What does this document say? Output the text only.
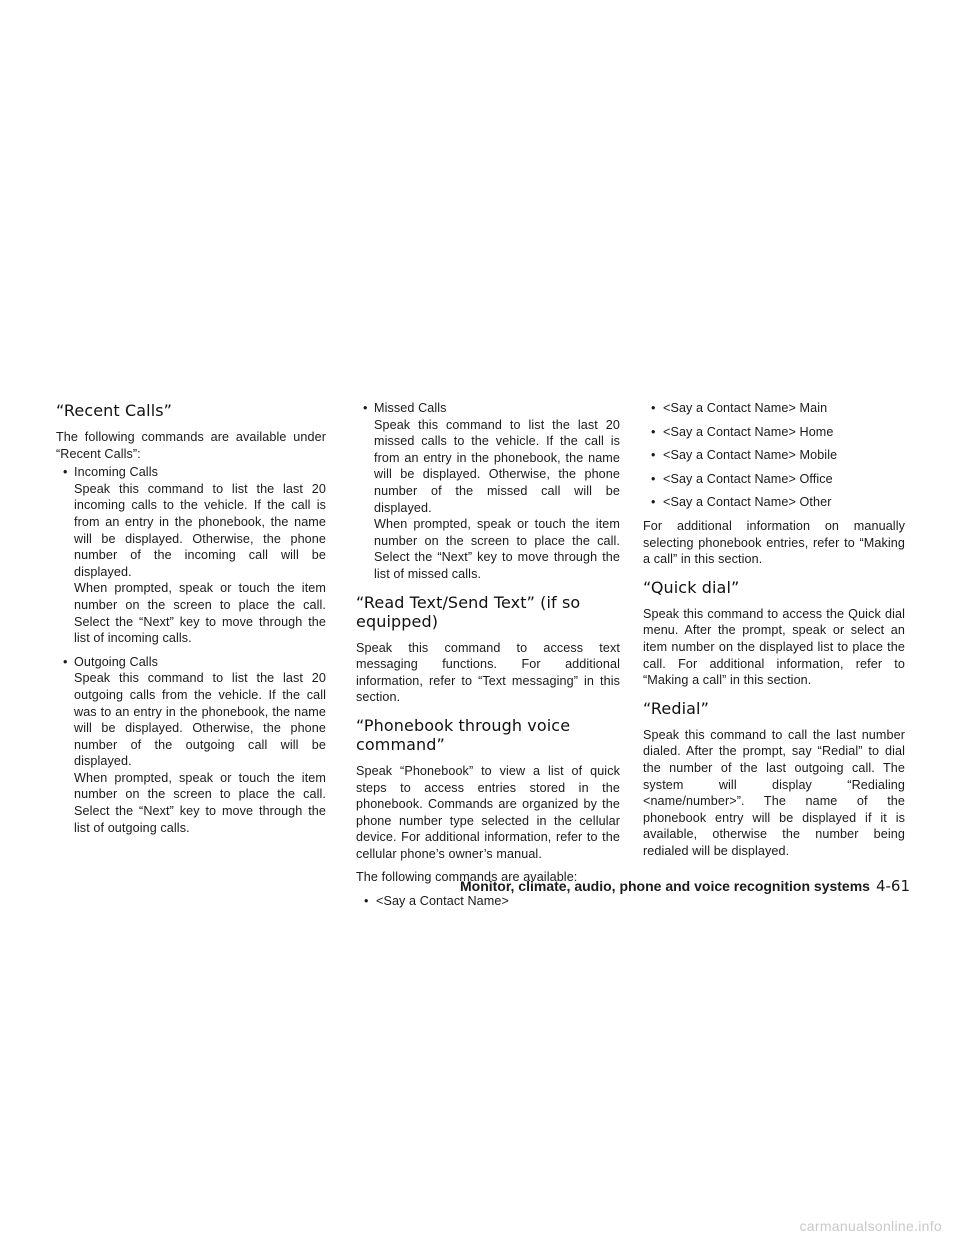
“Recent Calls”

The following commands are available under “Recent Calls”:

• Incoming Calls
Speak this command to list the last 20 incoming calls to the vehicle. If the call is from an entry in the phonebook, the name will be displayed. Otherwise, the phone number of the incoming call will be displayed.
When prompted, speak or touch the item number on the screen to place the call. Select the “Next” key to move through the list of incoming calls.
• Outgoing Calls
Speak this command to list the last 20 outgoing calls from the vehicle. If the call was to an entry in the phonebook, the name will be displayed. Otherwise, the phone number of the outgoing call will be displayed.
When prompted, speak or touch the item number on the screen to place the call. Select the “Next” key to move through the list of outgoing calls.
• Missed Calls
Speak this command to list the last 20 missed calls to the vehicle. If the call is from an entry in the phonebook, the name will be displayed. Otherwise, the phone number of the missed call will be displayed.
When prompted, speak or touch the item number on the screen to place the call. Select the “Next” key to move through the list of missed calls.
“Read Text/Send Text” (if so equipped)

Speak this command to access text messaging functions. For additional information, refer to “Text messaging” in this section.

“Phonebook through voice command”

Speak “Phonebook” to view a list of quick steps to access entries stored in the phonebook. Commands are organized by the phone number type selected in the cellular device. For additional information, refer to the cellular phone’s owner’s manual.

The following commands are available:

• <Say a Contact Name>
• <Say a Contact Name> Main
• <Say a Contact Name> Home
• <Say a Contact Name> Mobile
• <Say a Contact Name> Office
• <Say a Contact Name> Other

For additional information on manually selecting phonebook entries, refer to “Making a call” in this section.

“Quick dial”

Speak this command to access the Quick dial menu. After the prompt, speak or select an item number on the displayed list to place the call. For additional information, refer to “Making a call” in this section.

“Redial”

Speak this command to call the last number dialed. After the prompt, say “Redial” to dial the number of the last outgoing call. The system will display “Redialing <name/number>”. The name of the phonebook entry will be displayed if it is available, otherwise the number being redialed will be displayed.

Monitor, climate, audio, phone and voice recognition systems 4-61
carmanualsonline.info
